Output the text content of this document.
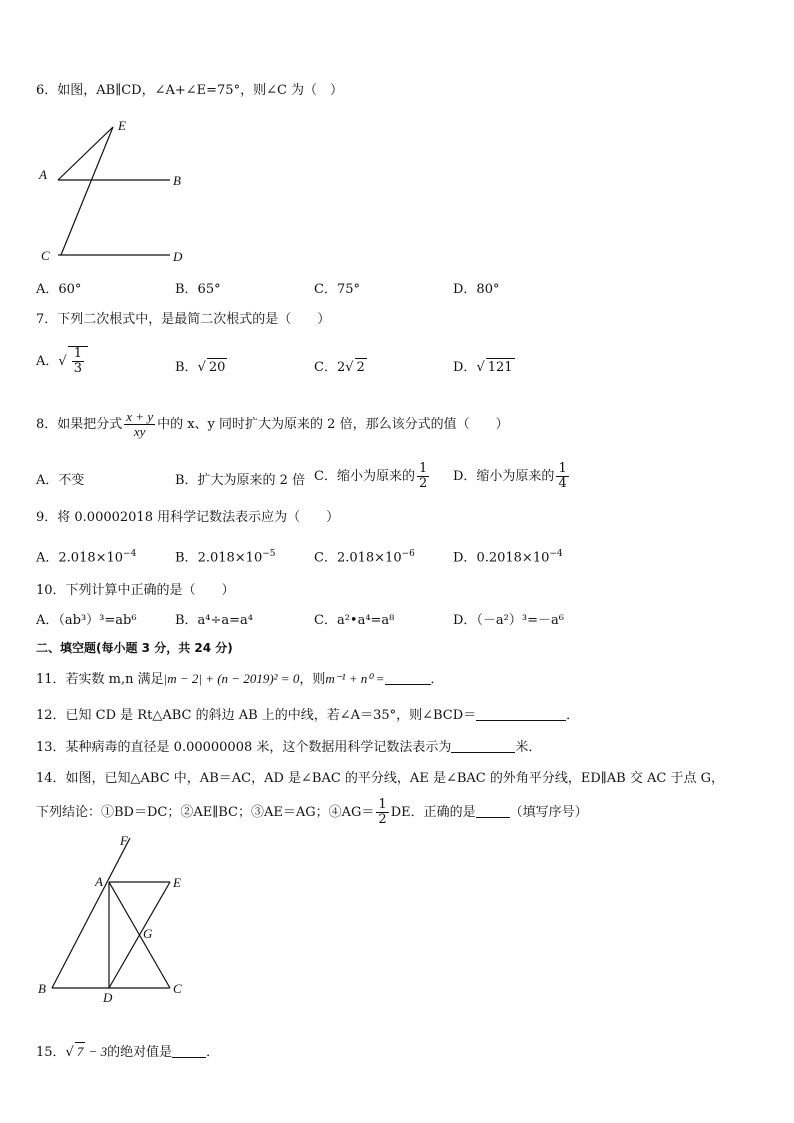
6．如图，AB∥CD，∠A+∠E=75°，则∠C 为（　）
E
A	B
C	D
A．60°	B．65°	C．75°	D．80°
7．下列二次根式中，是最简二次根式的是（　　）
A．√ $\frac{1}{3}$	B．√ 20	C．2√ 2	D．√ 121
8．如果把分式 $\frac{x + y}{xy}$ 中的 x、y 同时扩大为原来的 2 倍，那么该分式的值（　　）
A．不变	B．扩大为原来的 2 倍 C．缩小为原来的 $\frac{1}{2}$ D．缩小为原来的 $\frac{1}{4}$
9．将 0.00002018 用科学记数法表示应为（　　）
A．$2.018\times 10^{-4}$	B．$2.018\times 10^{-5}$	C．$2.018\times 10^{-6}$	D．$0.2018\times 10^{-4}$
10．下列计算中正确的是（　　）
A．（ab³）³=ab⁶	B．a⁴÷a=a⁴	C．a²•a⁴=a⁸	D．（－a²）³=－a⁶
二、填空题(每小题 3 分，共 24 分)
11．若实数 m,n 满足|m − 2| + (n − 2019)² = 0，则m⁻¹ + n⁰ =	．
12．已知 CD 是 Rt△ABC 的斜边 AB 上的中线，若∠A＝35°，则∠BCD＝	．
13．某种病毒的直径是 0.00000008 米，这个数据用科学记数法表示为	米．
14．如图，已知△ABC 中，AB＝AC，AD 是∠BAC 的平分线，AE 是∠BAC 的外角平分线，ED∥AB 交 AC 于点 G，
下列结论：①BD＝DC；②AE∥BC；③AE＝AG；④AG＝ $\frac{1}{2}$ DE．正确的是	（填写序号）
F
A	E
G
B
D
C
15．√ 7 − 3的绝对值是	．
